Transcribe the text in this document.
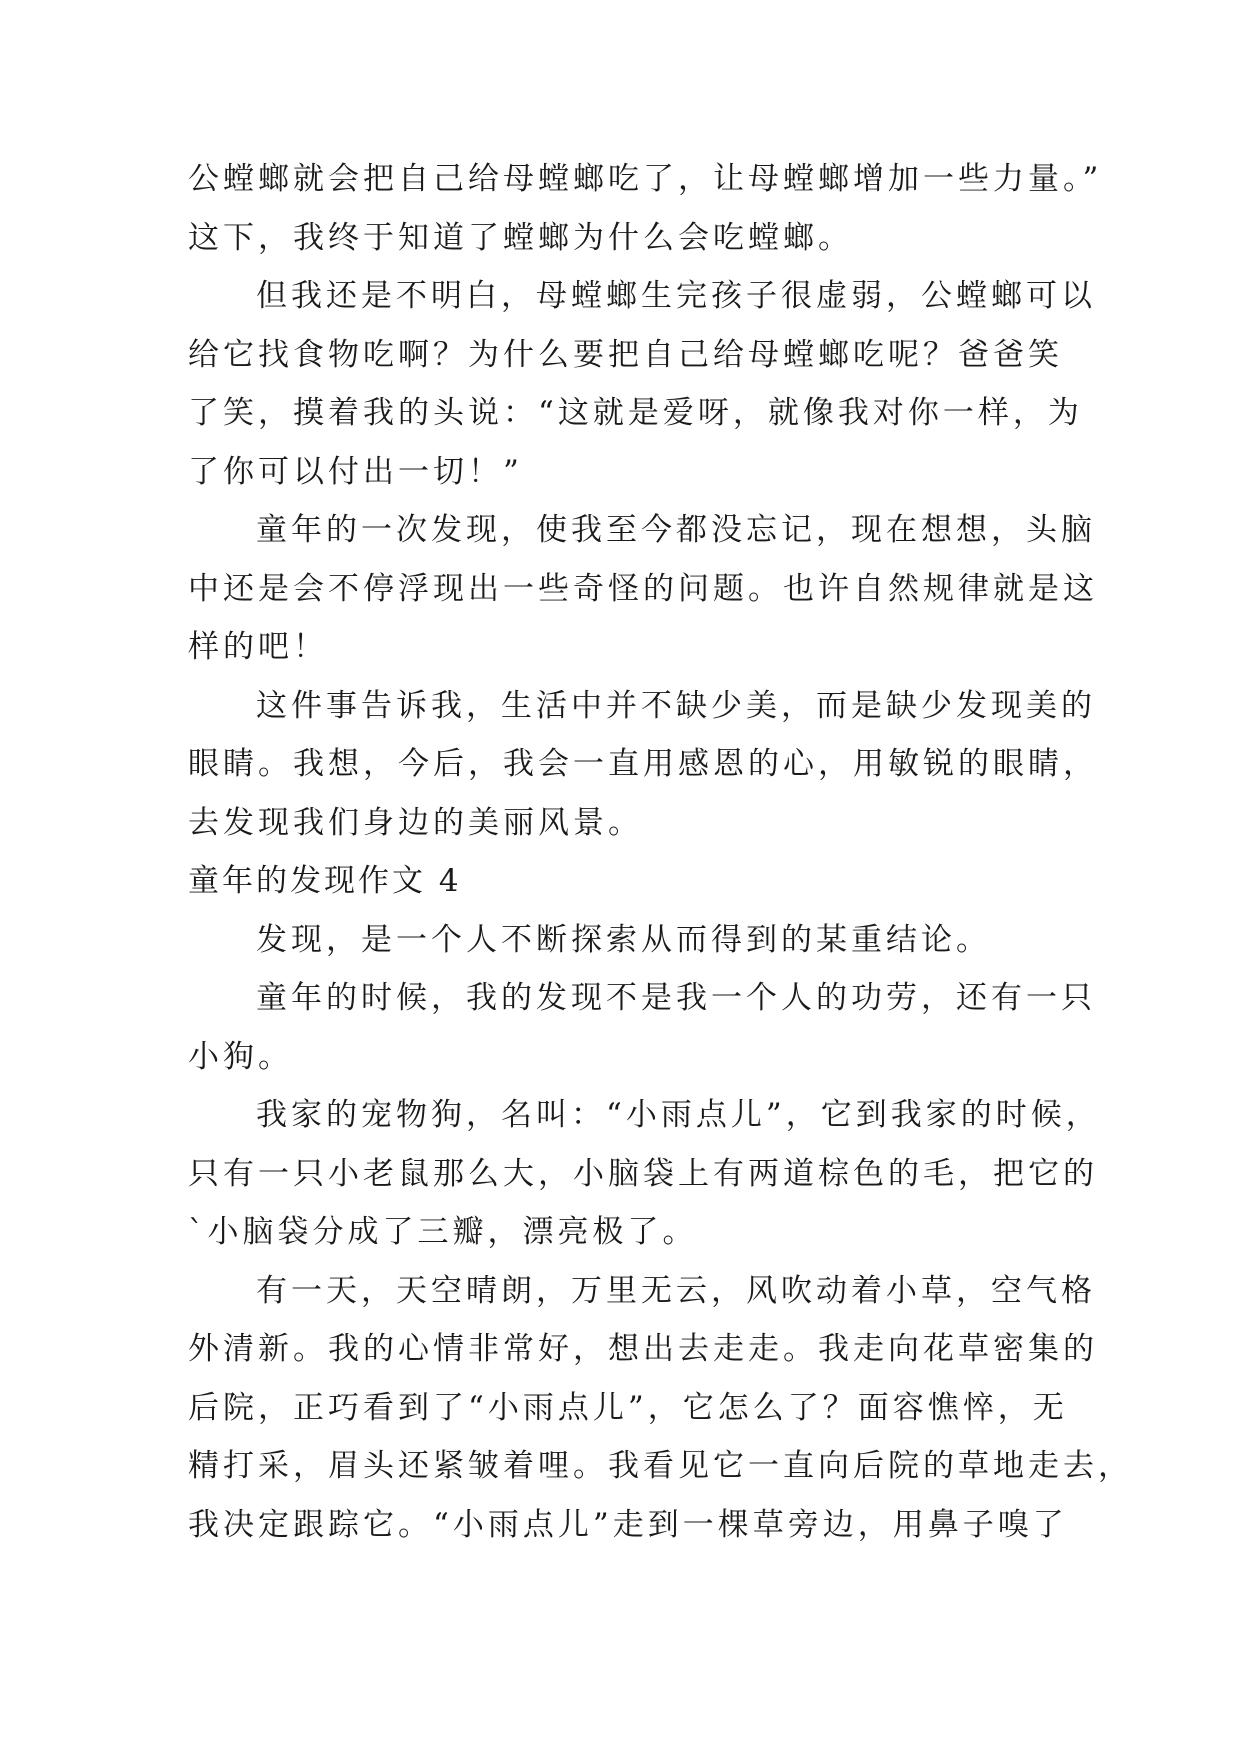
公螳螂就会把自己给母螳螂吃了，让母螳螂增加一些力量。”
这下，我终于知道了螳螂为什么会吃螳螂。
但我还是不明白，母螳螂生完孩子很虚弱，公螳螂可以
给它找食物吃啊？为什么要把自己给母螳螂吃呢？爸爸笑
了笑，摸着我的头说：“这就是爱呀，就像我对你一样，为
了你可以付出一切！”
童年的一次发现，使我至今都没忘记，现在想想，头脑
中还是会不停浮现出一些奇怪的问题。也许自然规律就是这
样的吧！
这件事告诉我，生活中并不缺少美，而是缺少发现美的
眼睛。我想，今后，我会一直用感恩的心，用敏锐的眼睛，
去发现我们身边的美丽风景。
童年的发现作文 4
发现，是一个人不断探索从而得到的某重结论。
童年的时候，我的发现不是我一个人的功劳，还有一只
小狗。
我家的宠物狗，名叫：“小雨点儿”，它到我家的时候，
只有一只小老鼠那么大，小脑袋上有两道棕色的毛，把它的
`小脑袋分成了三瓣，漂亮极了。
有一天，天空晴朗，万里无云，风吹动着小草，空气格
外清新。我的心情非常好，想出去走走。我走向花草密集的
后院，正巧看到了“小雨点儿”，它怎么了？面容憔悴，无
精打采，眉头还紧皱着哩。我看见它一直向后院的草地走去，
我决定跟踪它。“小雨点儿”走到一棵草旁边，用鼻子嗅了
